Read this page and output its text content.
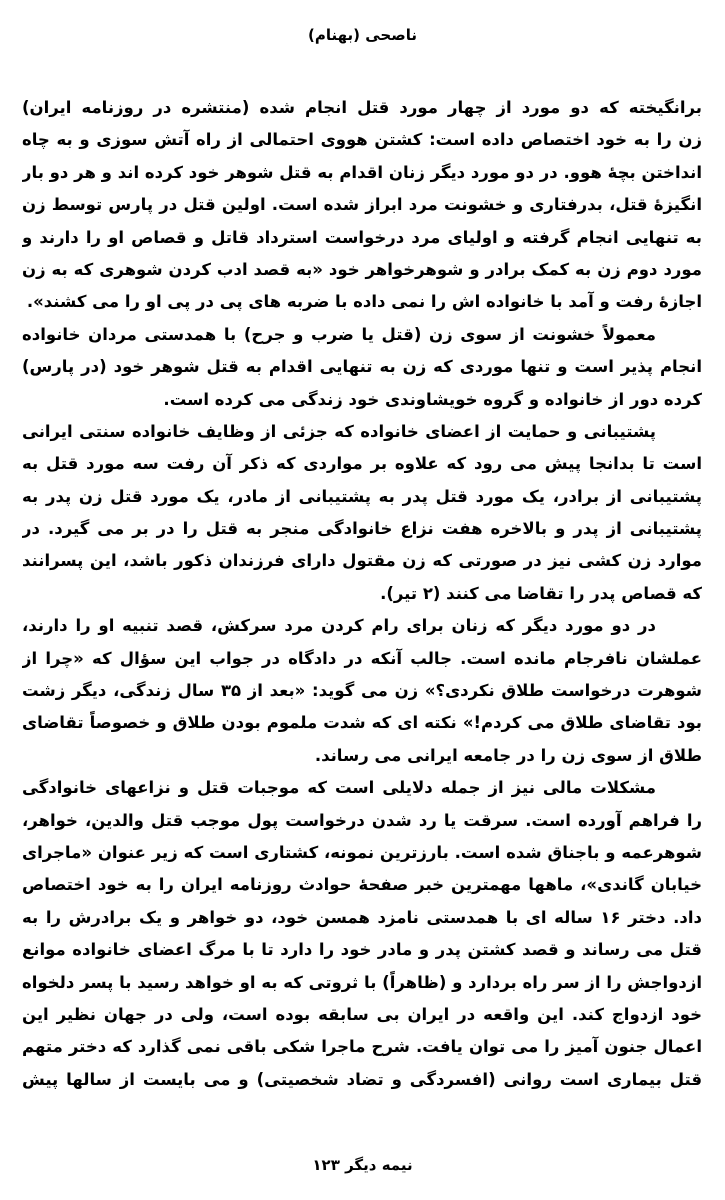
ناصحی (بهنام)
برانگیخته که دو مورد از چهار مورد قتل انجام شده (منتشره در روزنامه ایران)
زن را به خود اختصاص داده است: کشتن هووی احتمالی از راه آتش سوزی و به چاه
انداختن بچهٔ هوو. در دو مورد دیگر زنان اقدام به قتل شوهر خود کرده اند و هر دو بار
انگیزهٔ قتل، بدرفتاری و خشونت مرد ابراز شده است. اولین قتل در پارس توسط زن
به تنهایی انجام گرفته و اولیای مرد درخواست استرداد قاتل و قصاص او را دارند و
مورد دوم زن به کمک برادر و شوهرخواهر خود «به قصد ادب کردن شوهری که به زن
اجازهٔ رفت و آمد با خانواده اش را نمی داده با ضربه های پی در پی او را می کشند».
معمولاً خشونت از سوی زن (قتل یا ضرب و جرح) با همدستی مردان خانواده
انجام پذیر است و تنها موردی که زن به تنهایی اقدام به قتل شوهر خود (در پارس)
کرده دور از خانواده و گروه خویشاوندی خود زندگی می کرده است.
پشتیبانی و حمایت از اعضای خانواده که جزئی از وظایف خانواده سنتی ایرانی
است تا بدانجا پیش می رود که علاوه بر مواردی که ذکر آن رفت سه مورد قتل به
پشتیبانی از برادر، یک مورد قتل پدر به پشتیبانی از مادر، یک مورد قتل زن پدر به
پشتیبانی از پدر و بالاخره هفت نزاع خانوادگی منجر به قتل را در بر می گیرد. در
موارد زن کشی نیز در صورتی که زن مقتول دارای فرزندان ذکور باشد، این پسرانند
که قصاص پدر را تقاضا می کنند (۲ تیر).
در دو مورد دیگر که زنان برای رام کردن مرد سرکش، قصد تنبیه او را دارند،
عملشان نافرجام مانده است. جالب آنکه در دادگاه در جواب این سؤال که «چرا از
شوهرت درخواست طلاق نکردی؟» زن می گوید: «بعد از ۳۵ سال زندگی، دیگر زشت
بود تقاضای طلاق می کردم!» نکته ای که شدت ملموم بودن طلاق و خصوصاً تقاضای
طلاق از سوی زن را در جامعه ایرانی می رساند.
مشکلات مالی نیز از جمله دلایلی است که موجبات قتل و نزاعهای خانوادگی
را فراهم آورده است. سرقت یا رد شدن درخواست پول موجب قتل والدین، خواهر،
شوهرعمه و باجناق شده است. بارزترین نمونه، کشتاری است که زیر عنوان «ماجرای
خیابان گاندی»، ماهها مهمترین خبر صفحهٔ حوادث روزنامه ایران را به خود اختصاص
داد. دختر ۱۶ ساله ای با همدستی نامزد همسن خود، دو خواهر و یک برادرش را به
قتل می رساند و قصد کشتن پدر و مادر خود را دارد تا با مرگ اعضای خانواده موانع
ازدواجش را از سر راه بردارد و (ظاهراً) با ثروتی که به او خواهد رسید با پسر دلخواه
خود ازدواج کند. این واقعه در ایران بی سابقه بوده است، ولی در جهان نظیر این
اعمال جنون آمیز را می توان یافت. شرح ماجرا شکی باقی نمی گذارد که دختر متهم
قتل بیماری است روانی (افسردگی و تضاد شخصیتی) و می بایست از سالها پیش
نیمه دیگر ۱۲۳
